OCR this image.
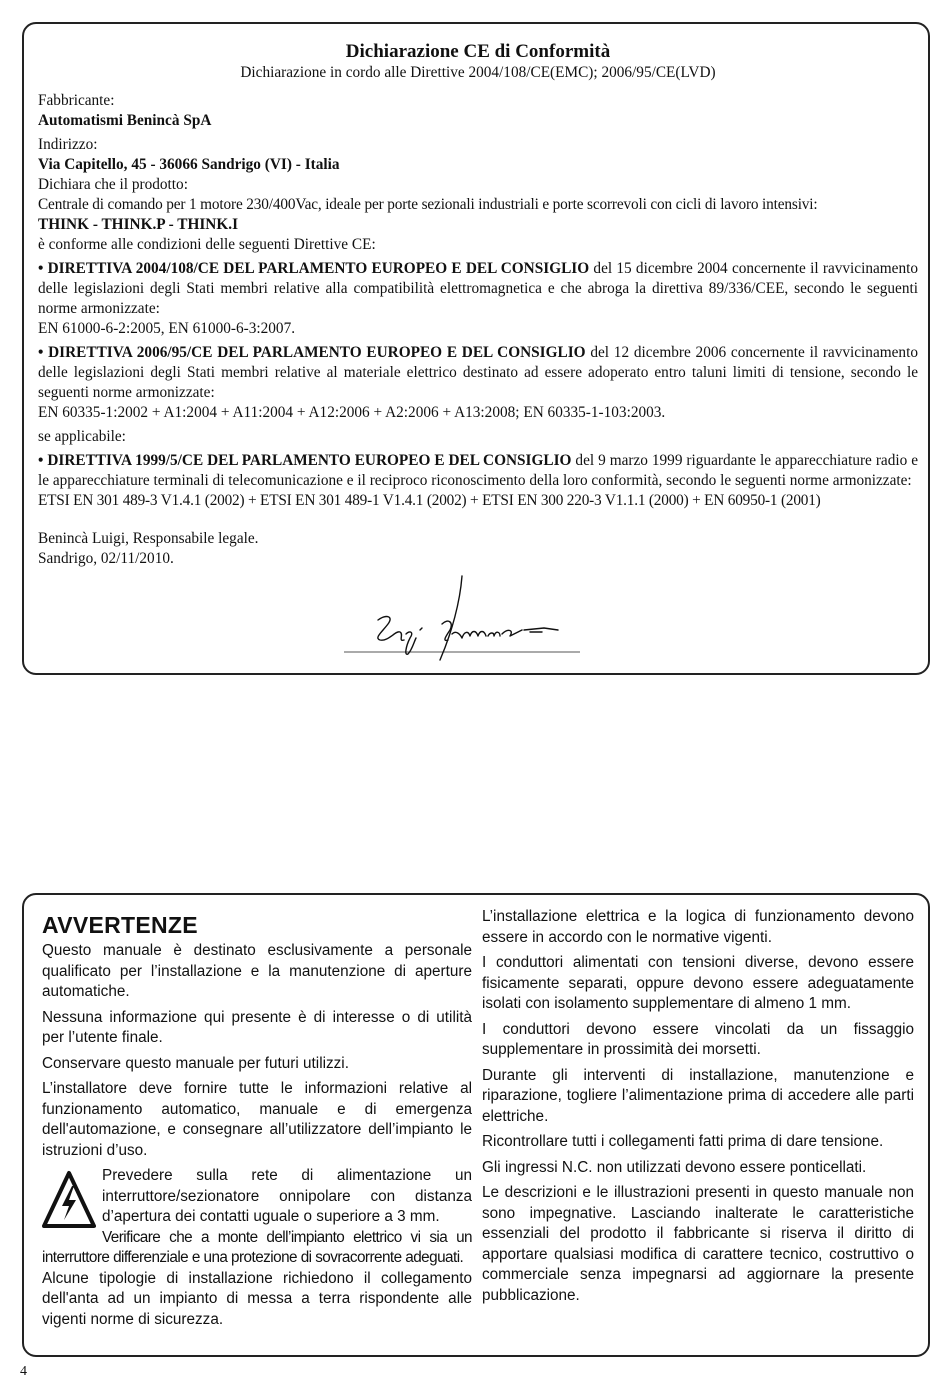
Dichiarazione CE di Conformità
Dichiarazione in cordo alle Direttive 2004/108/CE(EMC); 2006/95/CE(LVD)

Fabbricante:

Automatismi Benincà SpA

Indirizzo:

Via Capitello, 45 - 36066 Sandrigo (VI) - Italia

Dichiara che il prodotto:

Centrale di comando per 1 motore 230/400Vac, ideale per porte sezionali industriali e porte scorrevoli con cicli di lavoro intensivi:

THINK - THINK.P - THINK.I

è conforme alle condizioni delle seguenti Direttive CE:

• DIRETTIVA 2004/108/CE DEL PARLAMENTO EUROPEO E DEL CONSIGLIO del 15 dicembre 2004 concernente il ravvicinamento delle legislazioni degli Stati membri relative alla compatibilità elettromagnetica e che abroga la direttiva 89/336/CEE, secondo le seguenti norme armonizzate:

EN 61000-6-2:2005, EN 61000-6-3:2007.

• DIRETTIVA 2006/95/CE DEL PARLAMENTO EUROPEO E DEL CONSIGLIO del 12 dicembre 2006 concernente il ravvicinamento delle legislazioni degli Stati membri relative al materiale elettrico destinato ad essere adoperato entro taluni limiti di tensione, secondo le seguenti norme armonizzate:

EN 60335-1:2002 + A1:2004 + A11:2004 + A12:2006 + A2:2006 + A13:2008; EN 60335-1-103:2003.

se applicabile:

• DIRETTIVA 1999/5/CE DEL PARLAMENTO EUROPEO E DEL CONSIGLIO del 9 marzo 1999 riguardante le apparecchiature radio e le apparecchiature terminali di telecomunicazione e il reciproco riconoscimento della loro conformità, secondo le seguenti norme armonizzate:

ETSI EN 301 489-3 V1.4.1 (2002) + ETSI EN 301 489-1 V1.4.1 (2002) + ETSI EN 300 220-3 V1.1.1 (2000) + EN 60950-1 (2001)

Benincà Luigi, Responsabile legale.

Sandrigo, 02/11/2010.

AVVERTENZE

Questo manuale è destinato esclusivamente a personale qualificato per l’installazione e la manutenzione di aperture automatiche.

Nessuna informazione qui presente è di interesse o di utilità per l’utente finale.

Conservare questo manuale per futuri utilizzi.

L’installatore deve fornire tutte le informazioni relative al funzionamento automatico, manuale e di emergenza dell'automazione, e consegnare all’utilizzatore dell’impianto le istruzioni d’uso.

Prevedere sulla rete di alimentazione un interruttore/sezionatore onnipolare con distanza d’apertura dei contatti uguale o superiore a 3 mm.

Verificare che a monte dell’impianto elettrico vi sia un interruttore differenziale e una protezione di sovracorrente adeguati.

Alcune tipologie di installazione richiedono il collegamento dell'anta ad un impianto di messa a terra rispondente alle vigenti norme di sicurezza.

L’installazione elettrica e la logica di funzionamento devono essere in accordo con le normative vigenti.

I conduttori alimentati con tensioni diverse, devono essere fisicamente separati, oppure devono essere adeguatamente isolati con isolamento supplementare di almeno 1 mm.

I conduttori devono essere vincolati da un fissaggio supplementare in prossimità dei morsetti.

Durante gli interventi di installazione, manutenzione e riparazione, togliere l’alimentazione prima di accedere alle parti elettriche.

Ricontrollare tutti i collegamenti fatti prima di dare tensione.

Gli ingressi N.C. non utilizzati devono essere ponticellati.

Le descrizioni e le illustrazioni presenti in questo manuale non sono impegnative. Lasciando inalterate le caratteristiche essenziali del prodotto il fabbricante si riserva il diritto di apportare qualsiasi modifica di carattere tecnico, costruttivo o commerciale senza impegnarsi ad aggiornare la presente pubblicazione.

4
